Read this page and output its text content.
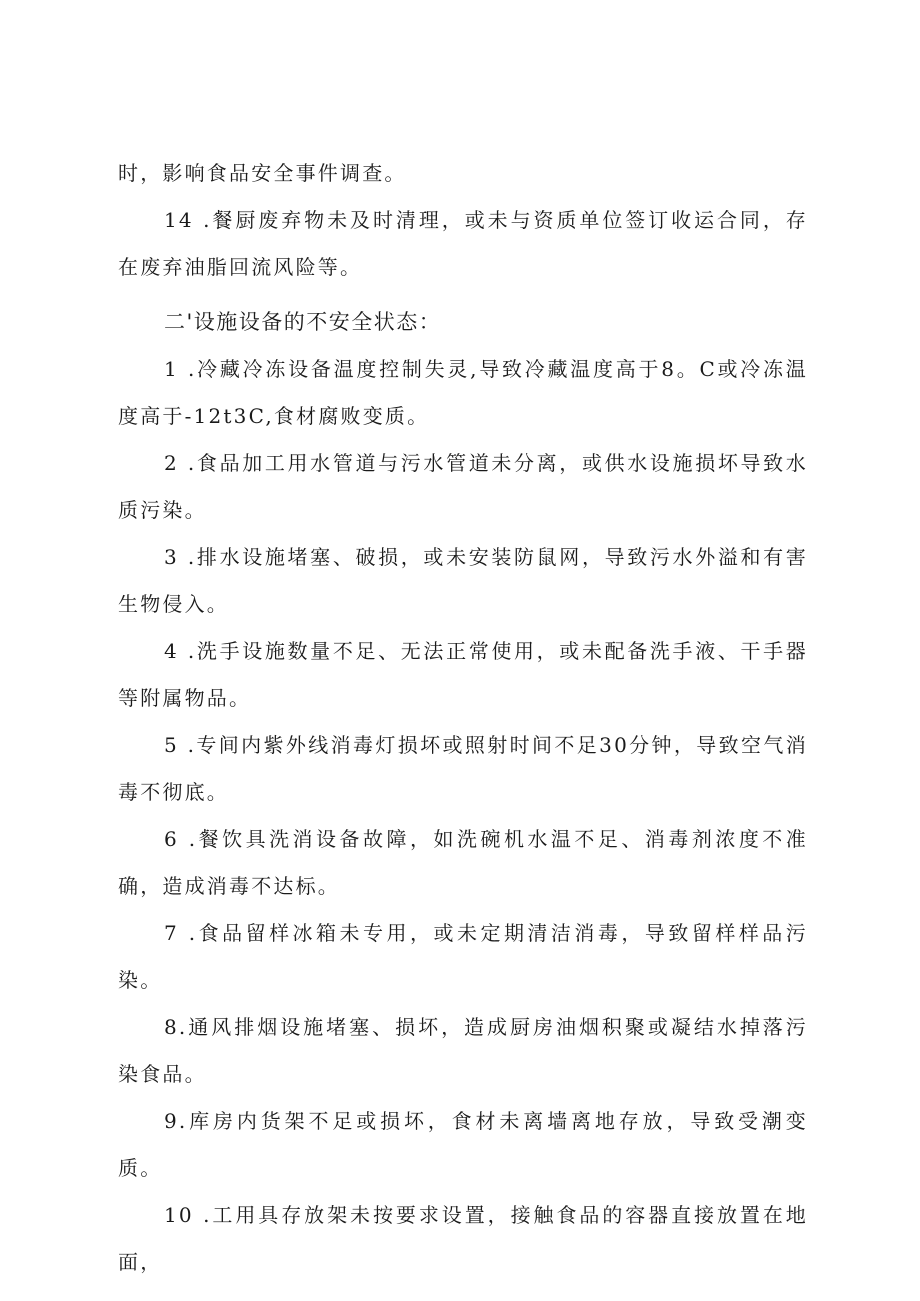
时，影响食品安全事件调查。

14 .餐厨废弃物未及时清理，或未与资质单位签订收运合同，存在废弃油脂回流风险等。

二'设施设备的不安全状态：

1 .冷藏冷冻设备温度控制失灵,导致冷藏温度高于8。C或冷冻温度高于-12t3C,食材腐败变质。

2 .食品加工用水管道与污水管道未分离，或供水设施损坏导致水质污染。

3 .排水设施堵塞、破损，或未安装防鼠网，导致污水外溢和有害生物侵入。

4 .洗手设施数量不足、无法正常使用，或未配备洗手液、干手器等附属物品。

5 .专间内紫外线消毒灯损坏或照射时间不足30分钟，导致空气消毒不彻底。

6 .餐饮具洗消设备故障，如洗碗机水温不足、消毒剂浓度不准确，造成消毒不达标。

7 .食品留样冰箱未专用，或未定期清洁消毒，导致留样样品污染。

8.通风排烟设施堵塞、损坏，造成厨房油烟积聚或凝结水掉落污染食品。

9.库房内货架不足或损坏，食材未离墙离地存放，导致受潮变质。

10 .工用具存放架未按要求设置，接触食品的容器直接放置在地面，
